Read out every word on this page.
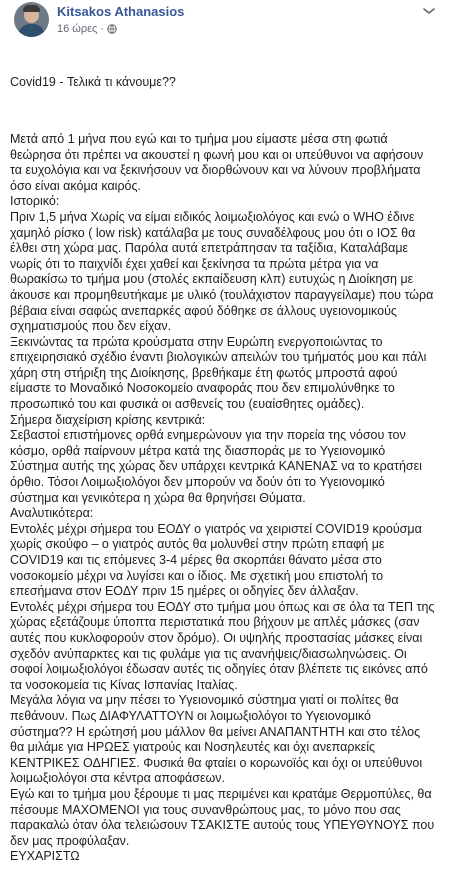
Kitsakos Athanasios
16 ώρες ·

Covid19 - Τελικά τι κάνουμε??

Μετά από 1 μήνα που εγώ και το τμήμα μου είμαστε μέσα στη φωτιά θεώρησα ότι πρέπει να ακουστεί η φωνή μου και οι υπεύθυνοι να αφήσουν τα ευχολόγια και να ξεκινήσουν να διορθώνουν και να λύνουν προβλήματα όσο είναι ακόμα καιρός.
Ιστορικό:
Πριν 1,5 μήνα Χωρίς να είμαι ειδικός λοιμωξιολόγος και ενώ ο WHO έδινε χαμηλό ρίσκο ( low risk) κατάλαβα με τους συναδέλφους μου ότι ο ΙΟΣ θα έλθει στη χώρα μας. Παρόλα αυτά επετράπησαν τα ταξίδια, Καταλάβαμε νωρίς ότι το παιχνίδι έχει χαθεί και ξεκίνησα τα πρώτα μέτρα για να θωρακίσω το τμήμα μου (στολές εκπαίδευση κλπ) ευτυχώς η Διοίκηση με άκουσε και προμηθευτήκαμε με υλικό (τουλάχιστον παραγγείλαμε) που τώρα βέβαια είναι σαφώς ανεπαρκές αφού δόθηκε σε άλλους υγειονομικούς σχηματισμούς που δεν είχαν.
Ξεκινώντας τα πρώτα κρούσματα στην Ευρώπη ενεργοποιώντας το επιχειρησιακό σχέδιο έναντι βιολογικών απειλών του τμήματός μου και πάλι χάρη στη στήριξη της Διοίκησης, βρεθήκαμε έτη φωτός μπροστά αφού είμαστε το Μοναδικό Νοσοκομείο αναφοράς που δεν επιμολύνθηκε το προσωπικό του και φυσικά οι ασθενείς του (ευαίσθητες ομάδες).
Σήμερα διαχείριση κρίσης κεντρικά:
Σεβαστοί επιστήμονες ορθά ενημερώνουν για την πορεία της νόσου τον κόσμο, ορθά παίρνουν μέτρα κατά της διασποράς με το Υγειονομικό Σύστημα αυτής της χώρας δεν υπάρχει κεντρικά ΚΑΝΕΝΑΣ να το κρατήσει όρθιο. Τόσοι Λοιμωξιολόγοι δεν μπορούν να δούν ότι το Υγειονομικό σύστημα και γενικότερα η χώρα θα θρηνήσει Θύματα.
Αναλυτικότερα:
Εντολές μέχρι σήμερα του ΕΟΔΥ ο γιατρός να χειριστεί COVID19 κρούσμα χωρίς σκούφο – ο γιατρός αυτός θα μολυνθεί στην πρώτη επαφή με COVID19 και τις επόμενες 3-4 μέρες θα σκορπάει θάνατο μέσα στο νοσοκομείο μέχρι να λυγίσει και ο ίδιος. Με σχετική μου επιστολή το επεσήμανα στον ΕΟΔΥ πριν 15 ημέρες οι οδηγίες δεν άλλαξαν.
Εντολές μέχρι σήμερα του ΕΟΔΥ στο τμήμα μου όπως και σε όλα τα ΤΕΠ της χώρας εξετάζουμε ύποπτα περιστατικά που βήχουν με απλές μάσκες (σαν αυτές που κυκλοφορούν στον δρόμο). Οι υψηλής προστασίας μάσκες είναι σχεδόν ανύπαρκτες και τις φυλάμε για τις ανανήψεις/διασωληνώσεις. Οι σοφοί λοιμωξιολόγοι έδωσαν αυτές τις οδηγίες όταν βλέπετε τις εικόνες από τα νοσοκομεία τις Κίνας Ισπανίας Ιταλίας.
Μεγάλα λόγια να μην πέσει το Υγειονομικό σύστημα γιατί οι πολίτες θα πεθάνουν. Πως ΔΙΑΦΥΛΑΤΤΟΥΝ οι λοιμωξιολόγοι το Υγειονομικό σύστημα?? Η ερώτησή μου μάλλον θα μείνει ΑΝΑΠΑΝΤΗΤΗ και στο τέλος θα μιλάμε για ΗΡΩΕΣ γιατρούς και Νοσηλευτές και όχι ανεπαρκείς ΚΕΝΤΡΙΚΕΣ ΟΔΗΓΙΕΣ. Φυσικά θα φταίει ο κορωνοϊός και όχι οι υπεύθυνοι λοιμωξιολόγοι στα κέντρα αποφάσεων.
Εγώ και το τμήμα μου ξέρουμε τι μας περιμένει και κρατάμε Θερμοπύλες, θα πέσουμε ΜΑΧΟΜΕΝΟΙ για τους συνανθρώπους μας, το μόνο που σας παρακαλώ όταν όλα τελειώσουν ΤΣΑΚΙΣΤΕ αυτούς τους ΥΠΕΥΘΥΝΟΥΣ που δεν μας προφύλαξαν.
ΕΥΧΑΡΙΣΤΩ
